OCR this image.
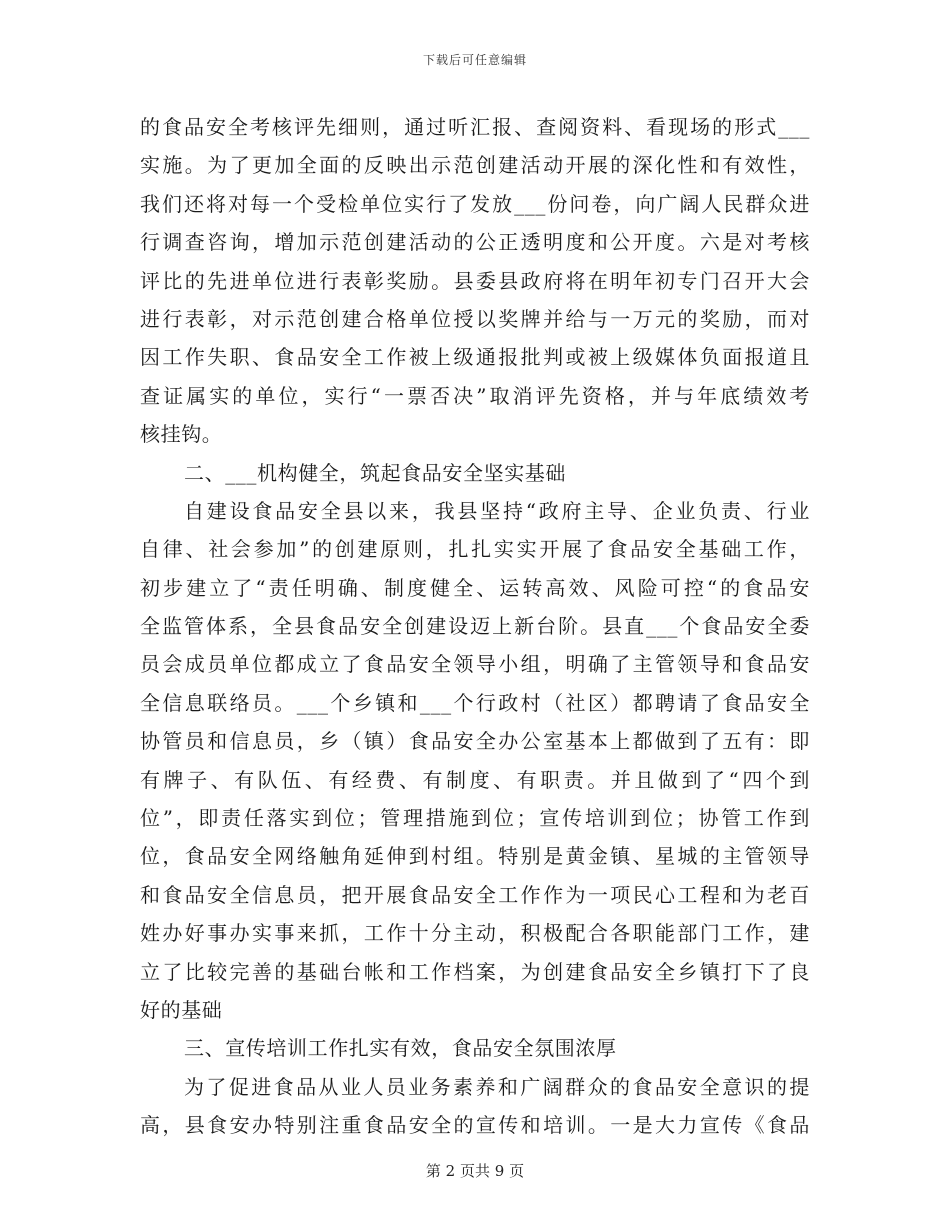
下载后可任意编辑
的食品安全考核评先细则，通过听汇报、查阅资料、看现场的形式___
实施。为了更加全面的反映出示范创建活动开展的深化性和有效性，
我们还将对每一个受检单位实行了发放___份问卷，向广阔人民群众进
行调查咨询，增加示范创建活动的公正透明度和公开度。六是对考核
评比的先进单位进行表彰奖励。县委县政府将在明年初专门召开大会
进行表彰，对示范创建合格单位授以奖牌并给与一万元的奖励，而对
因工作失职、食品安全工作被上级通报批判或被上级媒体负面报道且
查证属实的单位，实行“一票否决”取消评先资格，并与年底绩效考
核挂钩。
二、___机构健全，筑起食品安全坚实基础
自建设食品安全县以来，我县坚持“政府主导、企业负责、行业
自律、社会参加”的创建原则，扎扎实实开展了食品安全基础工作，
初步建立了“责任明确、制度健全、运转高效、风险可控“的食品安
全监管体系，全县食品安全创建设迈上新台阶。县直___个食品安全委
员会成员单位都成立了食品安全领导小组，明确了主管领导和食品安
全信息联络员。___个乡镇和___个行政村（社区）都聘请了食品安全
协管员和信息员，乡（镇）食品安全办公室基本上都做到了五有：即
有牌子、有队伍、有经费、有制度、有职责。并且做到了“四个到
位”，即责任落实到位；管理措施到位；宣传培训到位；协管工作到
位，食品安全网络触角延伸到村组。特别是黄金镇、星城的主管领导
和食品安全信息员，把开展食品安全工作作为一项民心工程和为老百
姓办好事办实事来抓，工作十分主动，积极配合各职能部门工作，建
立了比较完善的基础台帐和工作档案，为创建食品安全乡镇打下了良
好的基础
三、宣传培训工作扎实有效，食品安全氛围浓厚
为了促进食品从业人员业务素养和广阔群众的食品安全意识的提
高，县食安办特别注重食品安全的宣传和培训。一是大力宣传《食品
第 2 页共 9 页
